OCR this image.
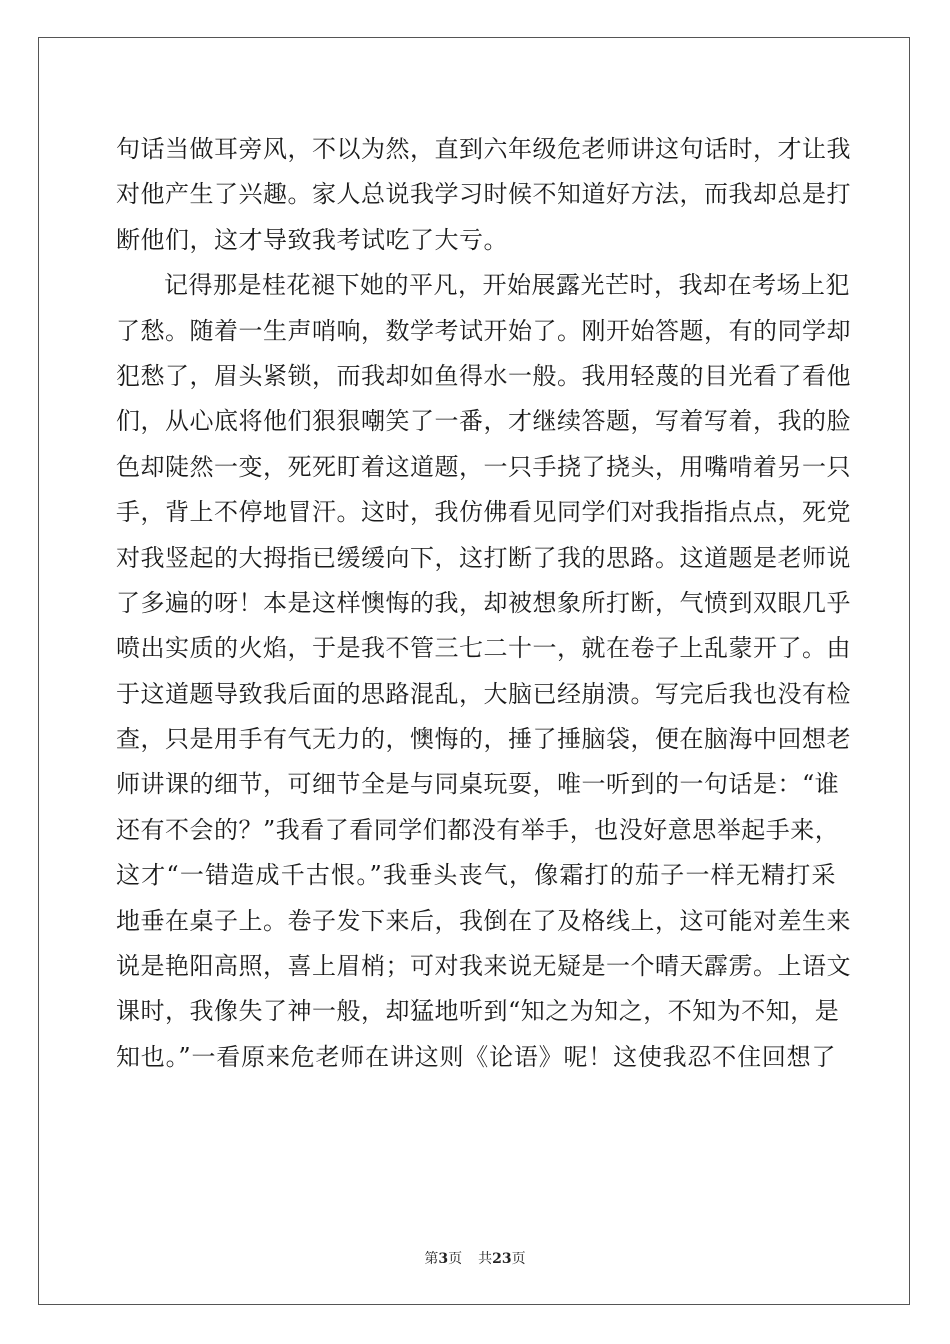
句话当做耳旁风，不以为然，直到六年级危老师讲这句话时，才让我
对他产生了兴趣。家人总说我学习时候不知道好方法，而我却总是打
断他们，这才导致我考试吃了大亏。
记得那是桂花褪下她的平凡，开始展露光芒时，我却在考场上犯
了愁。随着一生声哨响，数学考试开始了。刚开始答题，有的同学却
犯愁了，眉头紧锁，而我却如鱼得水一般。我用轻蔑的目光看了看他
们，从心底将他们狠狠嘲笑了一番，才继续答题，写着写着，我的脸
色却陡然一变，死死盯着这道题，一只手挠了挠头，用嘴啃着另一只
手，背上不停地冒汗。这时，我仿佛看见同学们对我指指点点，死党
对我竖起的大拇指已缓缓向下，这打断了我的思路。这道题是老师说
了多遍的呀！本是这样懊悔的我，却被想象所打断，气愤到双眼几乎
喷出实质的火焰，于是我不管三七二十一，就在卷子上乱蒙开了。由
于这道题导致我后面的思路混乱，大脑已经崩溃。写完后我也没有检
查，只是用手有气无力的，懊悔的，捶了捶脑袋，便在脑海中回想老
师讲课的细节，可细节全是与同桌玩耍，唯一听到的一句话是：“谁
还有不会的？”我看了看同学们都没有举手，也没好意思举起手来，
这才“一错造成千古恨。”我垂头丧气，像霜打的茄子一样无精打采
地垂在桌子上。卷子发下来后，我倒在了及格线上，这可能对差生来
说是艳阳高照，喜上眉梢；可对我来说无疑是一个晴天霹雳。上语文
课时，我像失了神一般，却猛地听到“知之为知之，不知为不知，是
知也。”一看原来危老师在讲这则《论语》呢！这使我忍不住回想了
第3页 共23页
